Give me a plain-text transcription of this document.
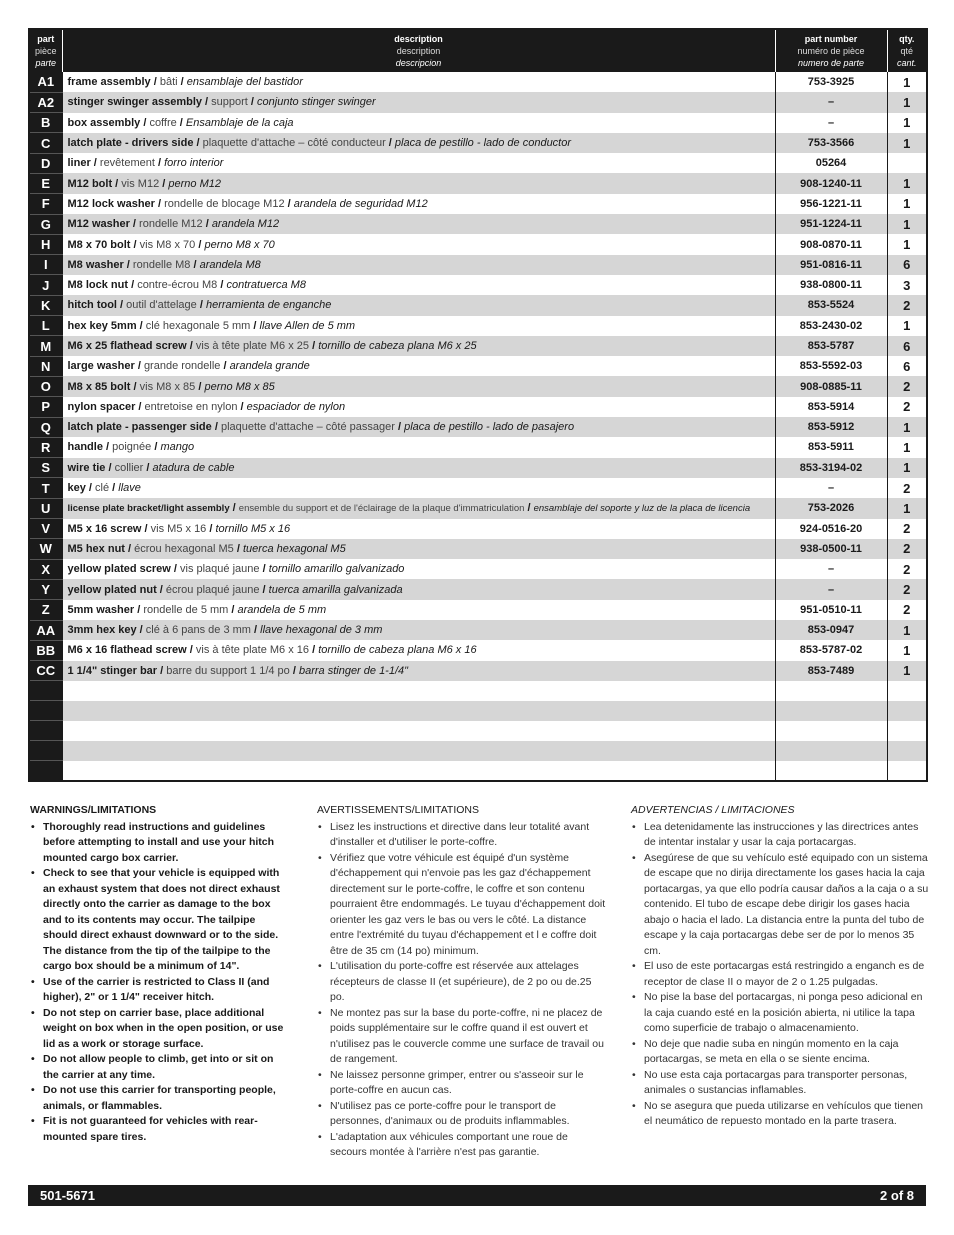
part
pièce
parte	description
description
descripcion	part number
numéro de pièce
numero de parte	qty.
qté
cant.

A1	frame assembly / bâti / ensamblaje del bastidor	753-3925	1
A2	stinger swinger assembly / support / conjunto stinger swinger	–	1
B	box assembly / coffre / Ensamblaje de la caja	–	1
C	latch plate - drivers side / plaquette d'attache – côté conducteur / placa de pestillo - lado de conductor	753-3566	1
D	liner / revêtement / forro interior	05264	
E	M12 bolt / vis M12 / perno M12	908-1240-11	1
F	M12 lock washer / rondelle de blocage M12 / arandela de seguridad M12	956-1221-11	1
G	M12 washer / rondelle M12 / arandela M12	951-1224-11	1
H	M8 x 70 bolt / vis M8 x 70 / perno M8 x 70	908-0870-11	1
I	M8 washer / rondelle M8 / arandela M8	951-0816-11	6
J	M8 lock nut / contre-écrou M8 / contratuerca M8	938-0800-11	3
K	hitch tool / outil d'attelage / herramienta de enganche	853-5524	2
L	hex key 5mm / clé hexagonale 5 mm / llave Allen de 5 mm	853-2430-02	1
M	M6 x 25 flathead screw / vis à tête plate M6 x 25 / tornillo de cabeza plana M6 x 25	853-5787	6
N	large washer / grande rondelle / arandela grande	853-5592-03	6
O	M8 x 85 bolt / vis M8 x 85 / perno M8 x 85	908-0885-11	2
P	nylon spacer / entretoise en nylon / espaciador de nylon	853-5914	2
Q	latch plate - passenger side / plaquette d'attache – côté passager / placa de pestillo - lado de pasajero	853-5912	1
R	handle / poignée / mango	853-5911	1
S	wire tie / collier / atadura de cable	853-3194-02	1
T	key / clé / llave	–	2
U	license plate bracket/light assembly / ensemble du support et de l'éclairage de la plaque d'immatriculation / ensamblaje del soporte y luz de la placa de licencia	753-2026	1
V	M5 x 16 screw / vis M5 x 16 / tornillo M5 x 16	924-0516-20	2
W	M5 hex nut / écrou hexagonal M5 / tuerca hexagonal M5	938-0500-11	2
X	yellow plated screw / vis plaqué jaune / tornillo amarillo galvanizado	–	2
Y	yellow plated nut / écrou plaqué jaune / tuerca amarilla galvanizada	–	2
Z	5mm washer / rondelle de 5 mm / arandela de 5 mm	951-0510-11	2
AA	3mm hex key / clé à 6 pans de 3 mm / llave hexagonal de 3 mm	853-0947	1
BB	M6 x 16 flathead screw / vis à tête plate M6 x 16 / tornillo de cabeza plana M6 x 16	853-5787-02	1
CC	1 1/4" stinger bar / barre du support 1 1/4 po / barra stinger de 1-1/4"	853-7489	1

WARNINGS/LIMITATIONS
• Thoroughly read instructions and guidelines before attempting to install and use your hitch mounted cargo box carrier.
• Check to see that your vehicle is equipped with an exhaust system that does not direct exhaust directly onto the carrier as damage to the box and to its contents may occur. The tailpipe should direct exhaust downward or to the side. The distance from the tip of the tailpipe to the cargo box should be a minimum of 14".
• Use of the carrier is restricted to Class II (and higher), 2" or 1 1/4" receiver hitch.
• Do not step on carrier base, place additional weight on box when in the open position, or use lid as a work or storage surface.
• Do not allow people to climb, get into or sit on the carrier at any time.
• Do not use this carrier for transporting people, animals, or flammables.
• Fit is not guaranteed for vehicles with rear-mounted spare tires.
AVERTISSEMENTS/LIMITATIONS
• Lisez les instructions et directive dans leur totalité avant d'installer et d'utiliser le porte-coffre.
• Vérifiez que votre véhicule est équipé d'un système d'échappement qui n'envoie pas les gaz d'échappement directement sur le porte-coffre, le coffre et son contenu pourraient être endommagés. Le tuyau d'échappement doit orienter les gaz vers le bas ou vers le côté. La distance entre l'extrémité du tuyau d'échappement et l e coffre doit être de 35 cm (14 po) minimum.
• L'utilisation du porte-coffre est réservée aux attelages récepteurs de classe II (et supérieure), de 2 po ou de.25 po.
• Ne montez pas sur la base du porte-coffre, ni ne placez de poids supplémentaire sur le coffre quand il est ouvert et n'utilisez pas le couvercle comme une surface de travail ou de rangement.
• Ne laissez personne grimper, entrer ou s'asseoir sur le porte-coffre en aucun cas.
• N'utilisez pas ce porte-coffre pour le transport de personnes, d'animaux ou de produits inflammables.
• L'adaptation aux véhicules comportant une roue de secours montée à l'arrière n'est pas garantie.
ADVERTENCIAS / LIMITACIONES
• Lea detenidamente las instrucciones y las directrices antes de intentar instalar y usar la caja portacargas.
• Asegúrese de que su vehículo esté equipado con un sistema de escape que no dirija directamente los gases hacia la caja portacargas, ya que ello podría causar daños a la caja o a su contenido. El tubo de escape debe dirigir los gases hacia abajo o hacia el lado. La distancia entre la punta del tubo de escape y la caja portacargas debe ser de por lo menos 35 cm.
• El uso de este portacargas está restringido a enganch es de receptor de clase II o mayor de 2 o 1.25 pulgadas.
• No pise la base del portacargas, ni ponga peso adicional en la caja cuando esté en la posición abierta, ni utilice la tapa como superficie de trabajo o almacenamiento.
• No deje que nadie suba en ningún momento en la caja portacargas, se meta en ella o se siente encima.
• No use esta caja portacargas para transporter personas, animales o sustancias inflamables.
• No se asegura que pueda utilizarse en vehículos que tienen el neumático de repuesto montado en la parte trasera.
501-5671	2 of 8
